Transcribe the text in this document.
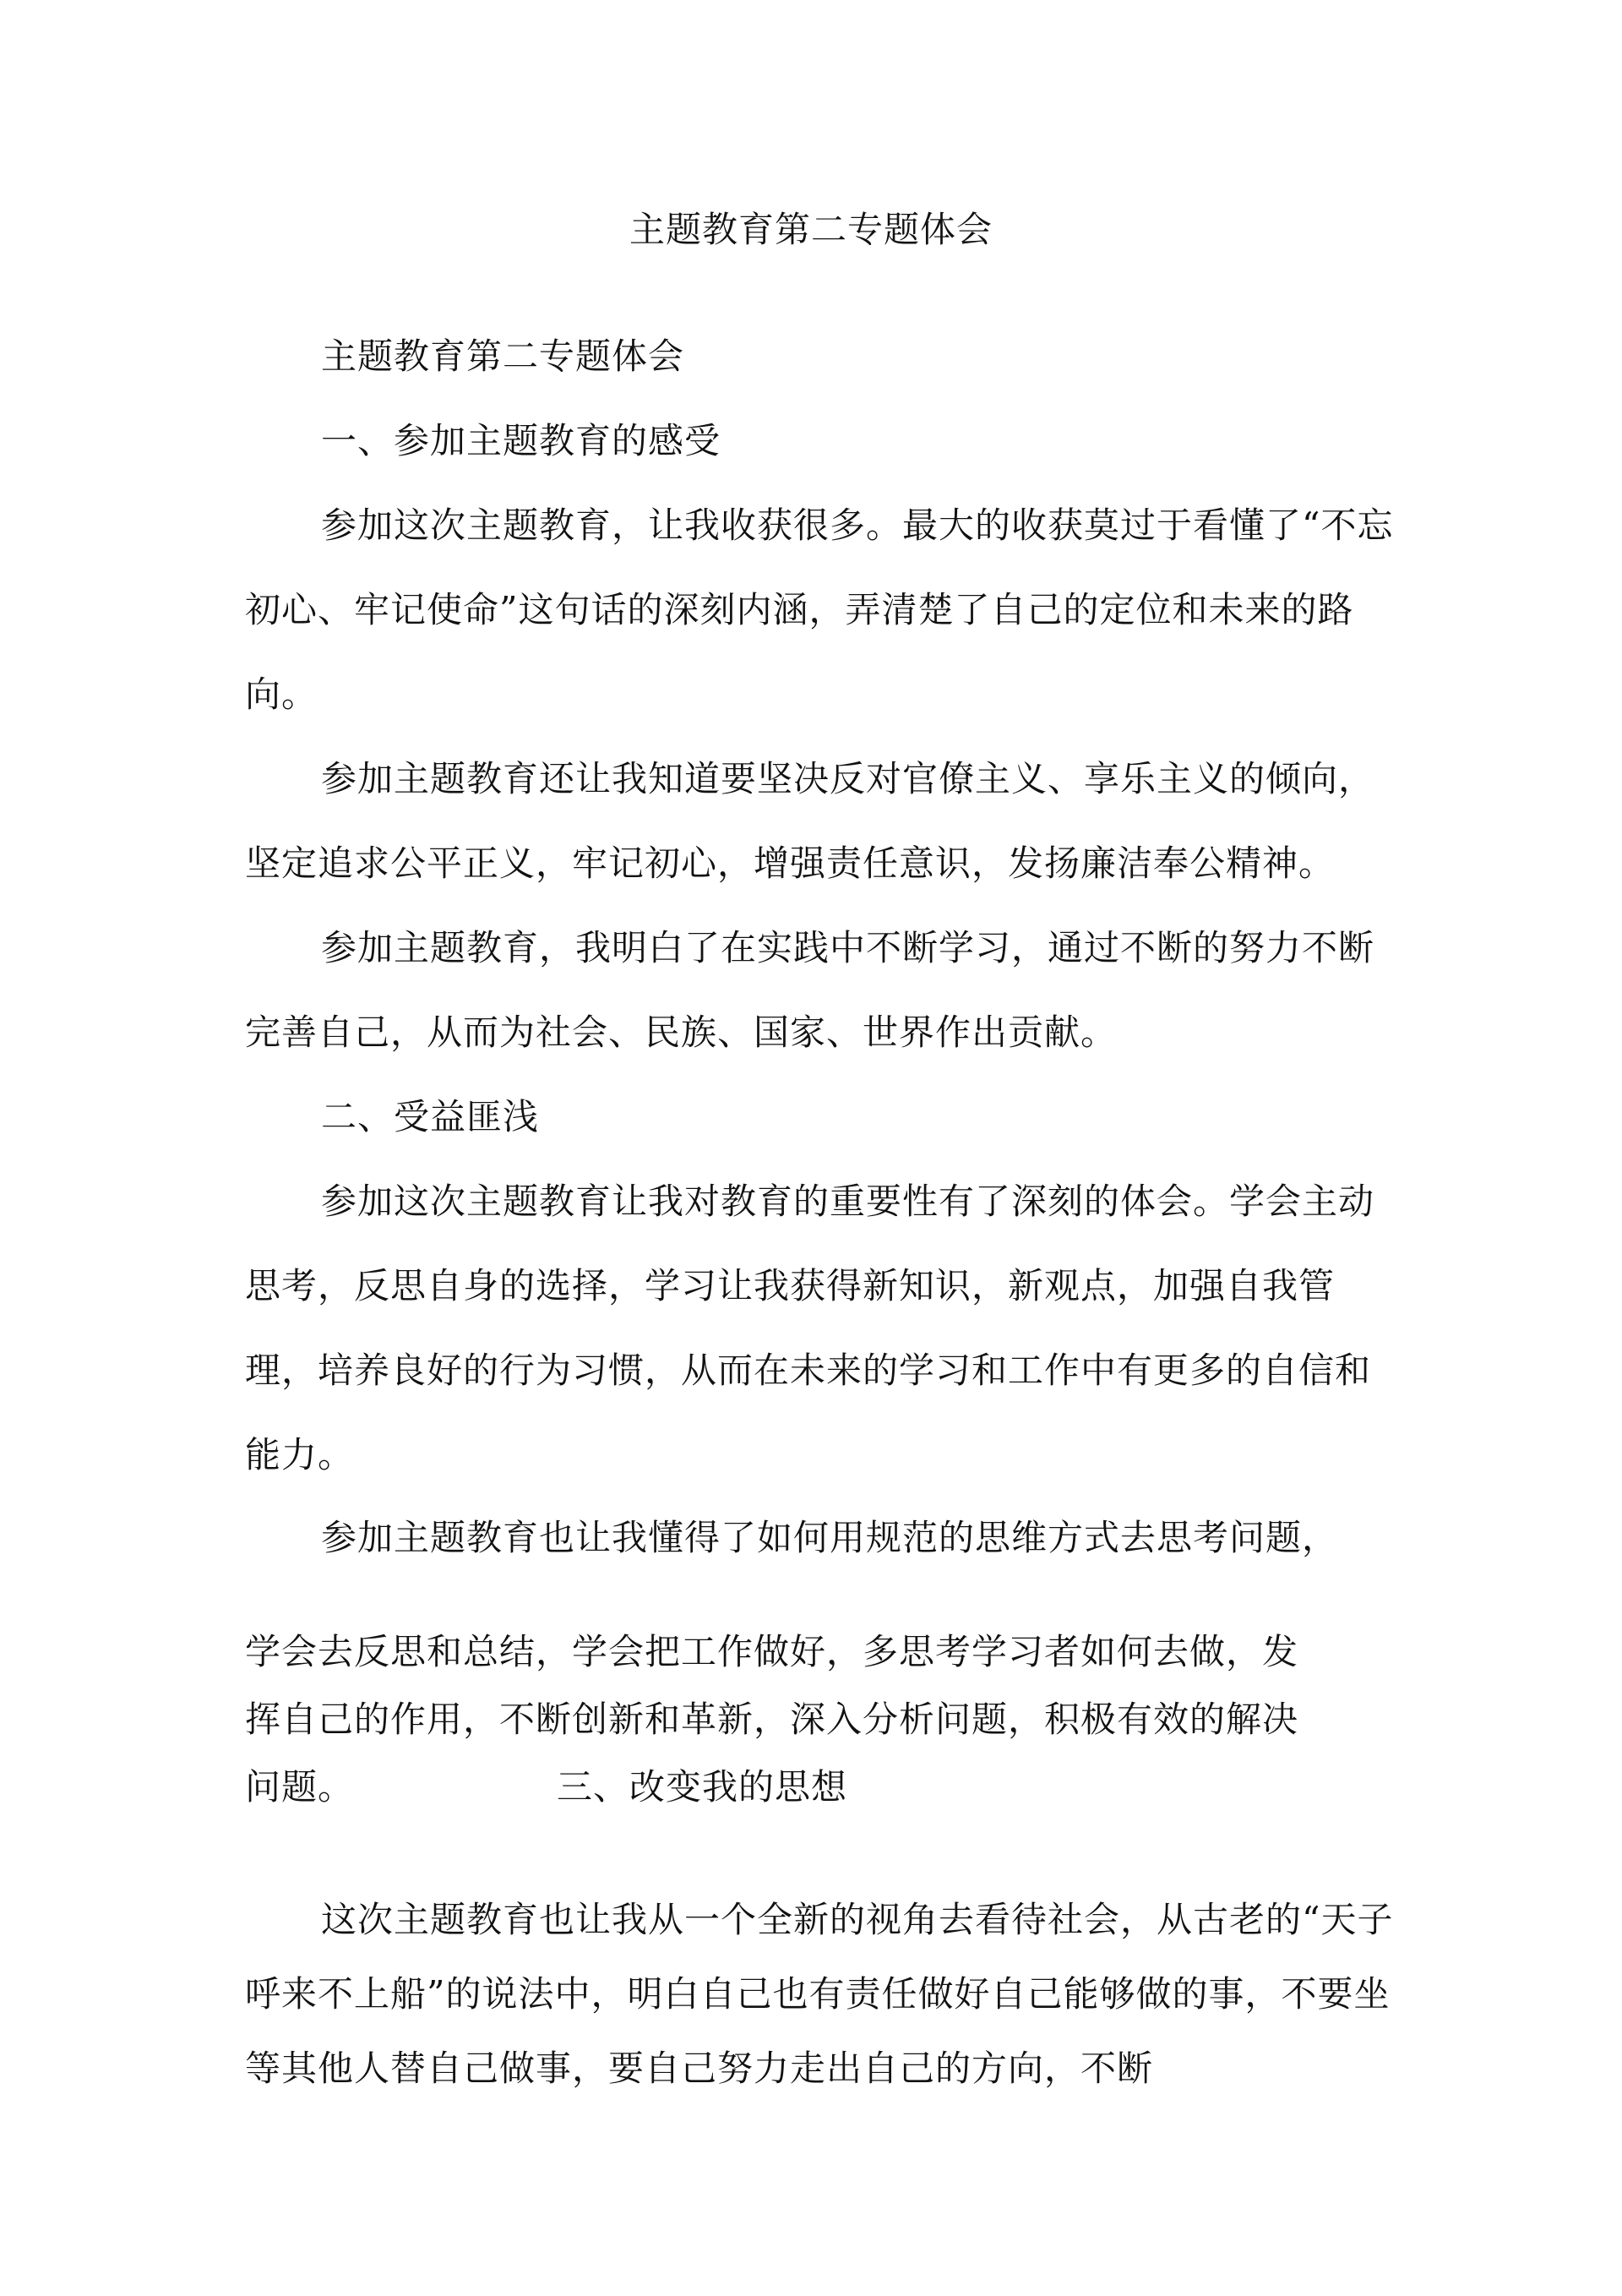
主题教育第二专题体会

主题教育第二专题体会

一、参加主题教育的感受

参加这次主题教育，让我收获很多。最大的收获莫过于看懂了“不忘初心、牢记使命”这句话的深刻内涵，弄清楚了自己的定位和未来的路向。

参加主题教育还让我知道要坚决反对官僚主义、享乐主义的倾向，坚定追求公平正义，牢记初心，增强责任意识，发扬廉洁奉公精神。

参加主题教育，我明白了在实践中不断学习，通过不断的努力不断完善自己，从而为社会、民族、国家、世界作出贡献。

二、受益匪浅

参加这次主题教育让我对教育的重要性有了深刻的体会。学会主动思考，反思自身的选择，学习让我获得新知识，新观点，加强自我管理，培养良好的行为习惯，从而在未来的学习和工作中有更多的自信和能力。

参加主题教育也让我懂得了如何用规范的思维方式去思考问题，

学会去反思和总结，学会把工作做好，多思考学习者如何去做，发

挥自己的作用，不断创新和革新，深入分析问题，积极有效的解决

问题。	三、改变我的思想

这次主题教育也让我从一个全新的视角去看待社会，从古老的“天子呼来不上船”的说法中，明白自己也有责任做好自己能够做的事，不要坐等其他人替自己做事，要自己努力走出自己的方向，不断
